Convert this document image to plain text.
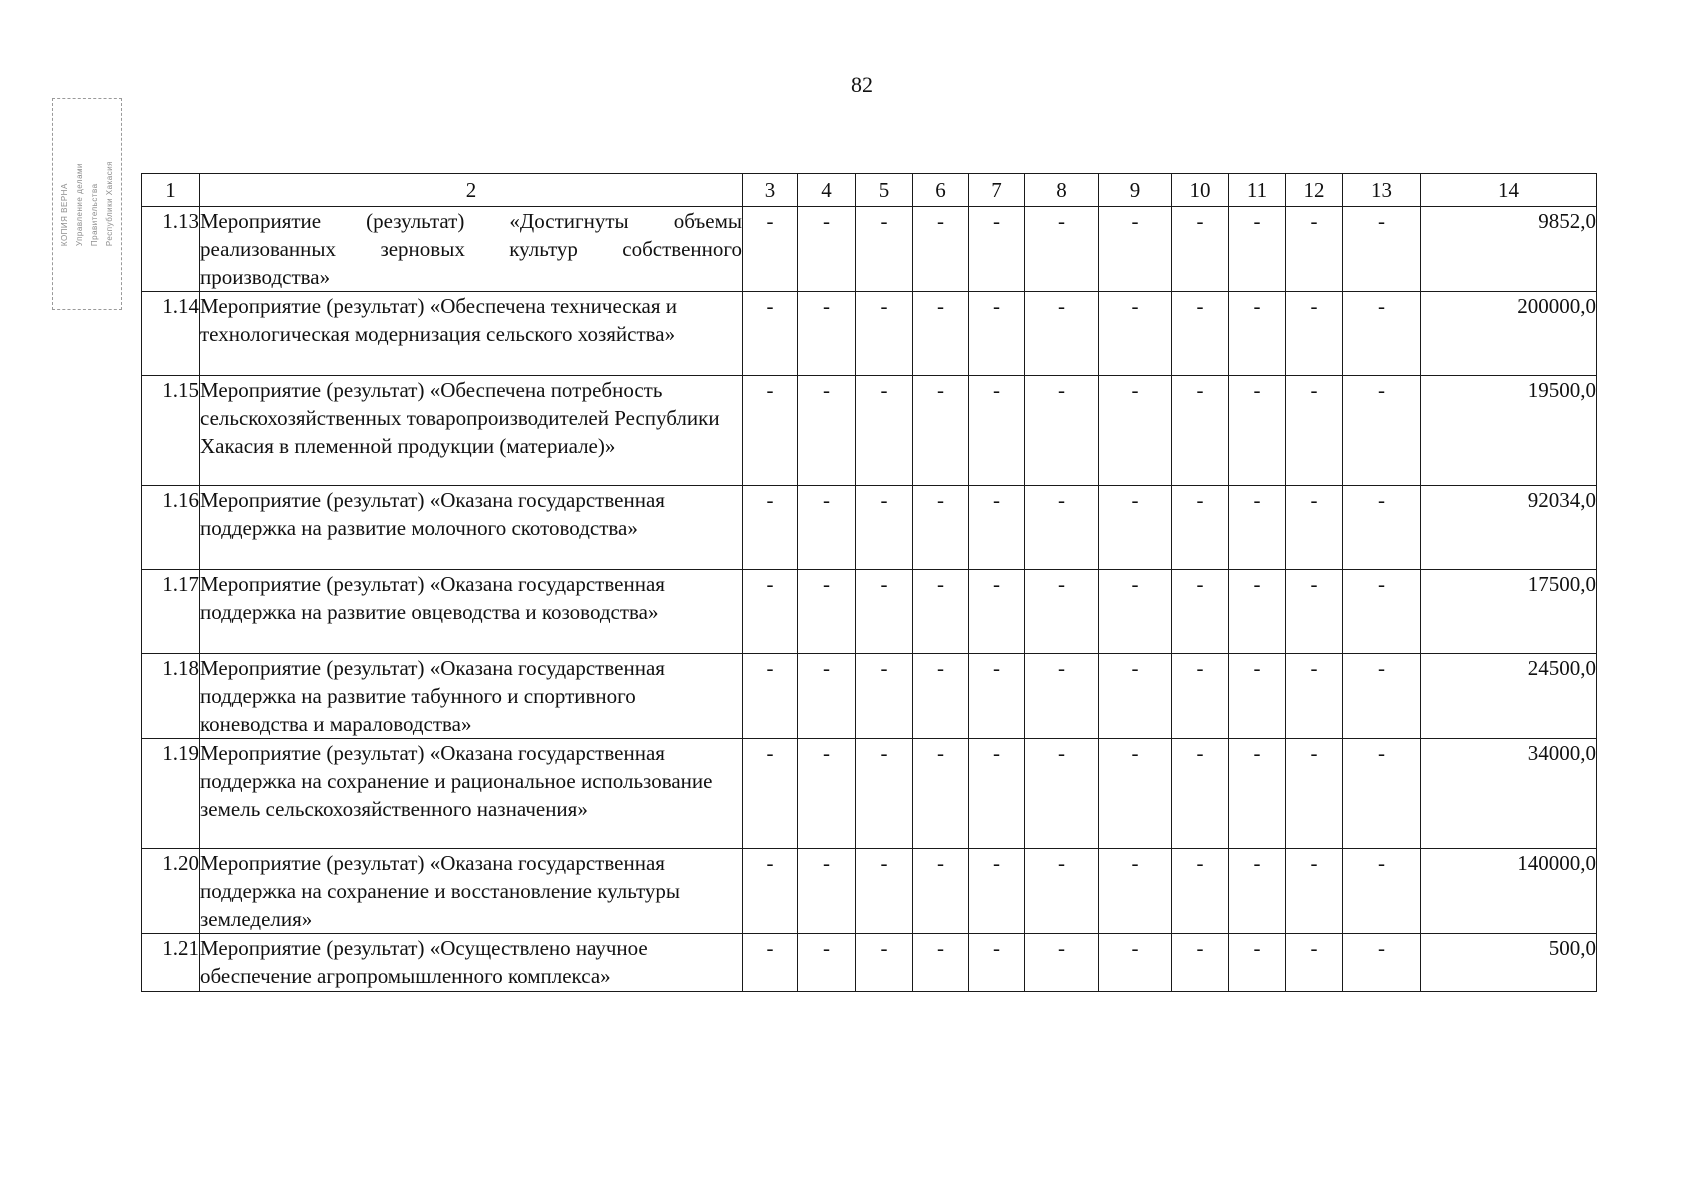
82
КОПИЯ ВЕРНА Управление делами Правительства Республики Хакасия 1	2	3	4	5	6	7	8	9	10	11	12	13	14
1.13	Мероприятие (результат) «Достигнуты объемы реализованных зерновых культур собственного производства»	-	-	-	-	-	-	-	-	-	-	-	9852,0
1.14	Мероприятие (результат) «Обеспечена техническая и технологическая модернизация сельского хозяйства»	-	-	-	-	-	-	-	-	-	-	-	200000,0
1.15	Мероприятие (результат) «Обеспечена потребность сельскохозяйственных товаропроизводителей Республики Хакасия в племенной продукции (материале)»	-	-	-	-	-	-	-	-	-	-	-	19500,0
1.16	Мероприятие (результат) «Оказана государственная поддержка на развитие молочного скотоводства»	-	-	-	-	-	-	-	-	-	-	-	92034,0
1.17	Мероприятие (результат) «Оказана государственная поддержка на развитие овцеводства и козоводства»	-	-	-	-	-	-	-	-	-	-	-	17500,0
1.18	Мероприятие (результат) «Оказана государственная поддержка на развитие табунного и спортивного коневодства и мараловодства»	-	-	-	-	-	-	-	-	-	-	-	24500,0
1.19	Мероприятие (результат) «Оказана государственная поддержка на сохранение и рациональное использование земель сельскохозяйственного назначения»	-	-	-	-	-	-	-	-	-	-	-	34000,0
1.20	Мероприятие (результат) «Оказана государственная поддержка на сохранение и восстановление культуры земледелия»	-	-	-	-	-	-	-	-	-	-	-	140000,0
1.21	Мероприятие (результат) «Осуществлено научное обеспечение агропромышленного комплекса»	-	-	-	-	-	-	-	-	-	-	-	500,0
